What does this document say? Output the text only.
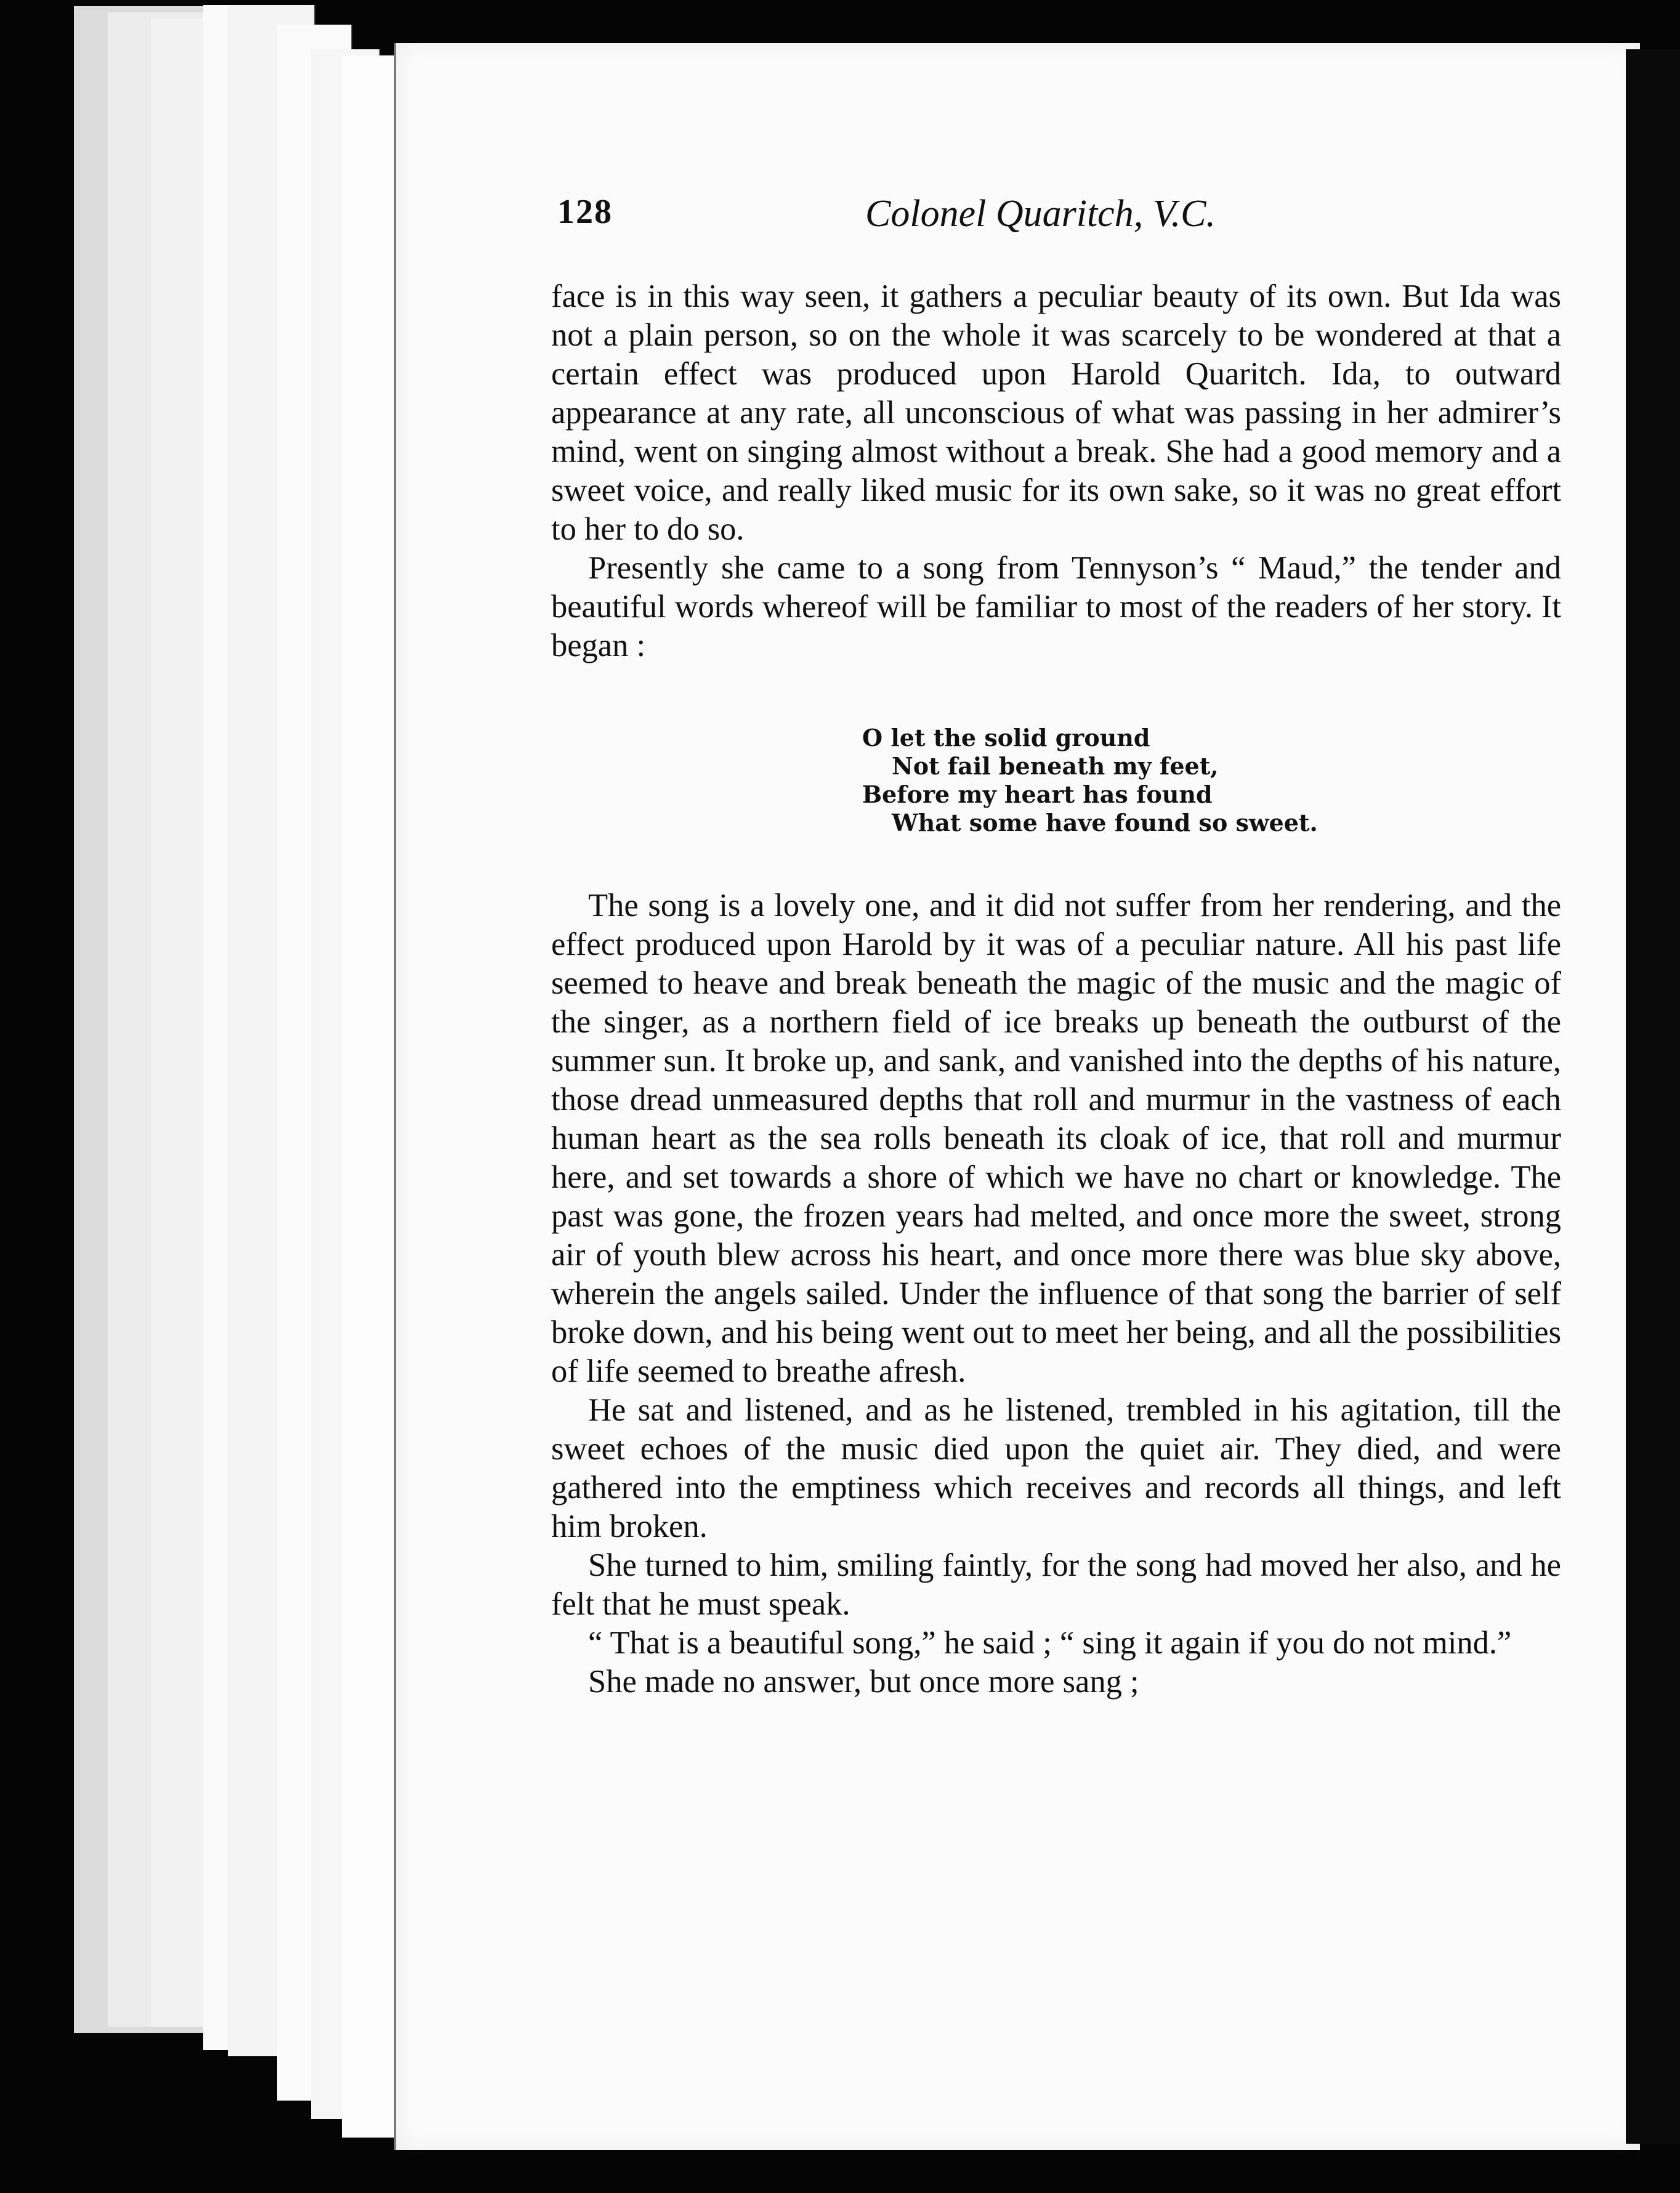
128	Colonel Quaritch, V.C.

face is in this way seen, it gathers a peculiar beauty of its own. But Ida was not a plain person, so on the whole it was scarcely to be wondered at that a certain effect was produced upon Harold Quaritch. Ida, to outward appearance at any rate, all unconscious of what was passing in her admirer’s mind, went on singing almost without a break. She had a good memory and a sweet voice, and really liked music for its own sake, so it was no great effort to her to do so.

Presently she came to a song from Tennyson’s “ Maud,” the tender and beautiful words whereof will be familiar to most of the readers of her story. It began :

O let the solid ground
Not fail beneath my feet,
Before my heart has found
What some have found so sweet.

The song is a lovely one, and it did not suffer from her rendering, and the effect produced upon Harold by it was of a peculiar nature. All his past life seemed to heave and break beneath the magic of the music and the magic of the singer, as a northern field of ice breaks up beneath the outburst of the summer sun. It broke up, and sank, and vanished into the depths of his nature, those dread unmeasured depths that roll and murmur in the vastness of each human heart as the sea rolls beneath its cloak of ice, that roll and murmur here, and set towards a shore of which we have no chart or knowledge. The past was gone, the frozen years had melted, and once more the sweet, strong air of youth blew across his heart, and once more there was blue sky above, wherein the angels sailed. Under the influence of that song the barrier of self broke down, and his being went out to meet her being, and all the possibilities of life seemed to breathe afresh.

He sat and listened, and as he listened, trembled in his agitation, till the sweet echoes of the music died upon the quiet air. They died, and were gathered into the emptiness which receives and records all things, and left him broken.

She turned to him, smiling faintly, for the song had moved her also, and he felt that he must speak.

“ That is a beautiful song,” he said ; “ sing it again if you do not mind.”

She made no answer, but once more sang ;
